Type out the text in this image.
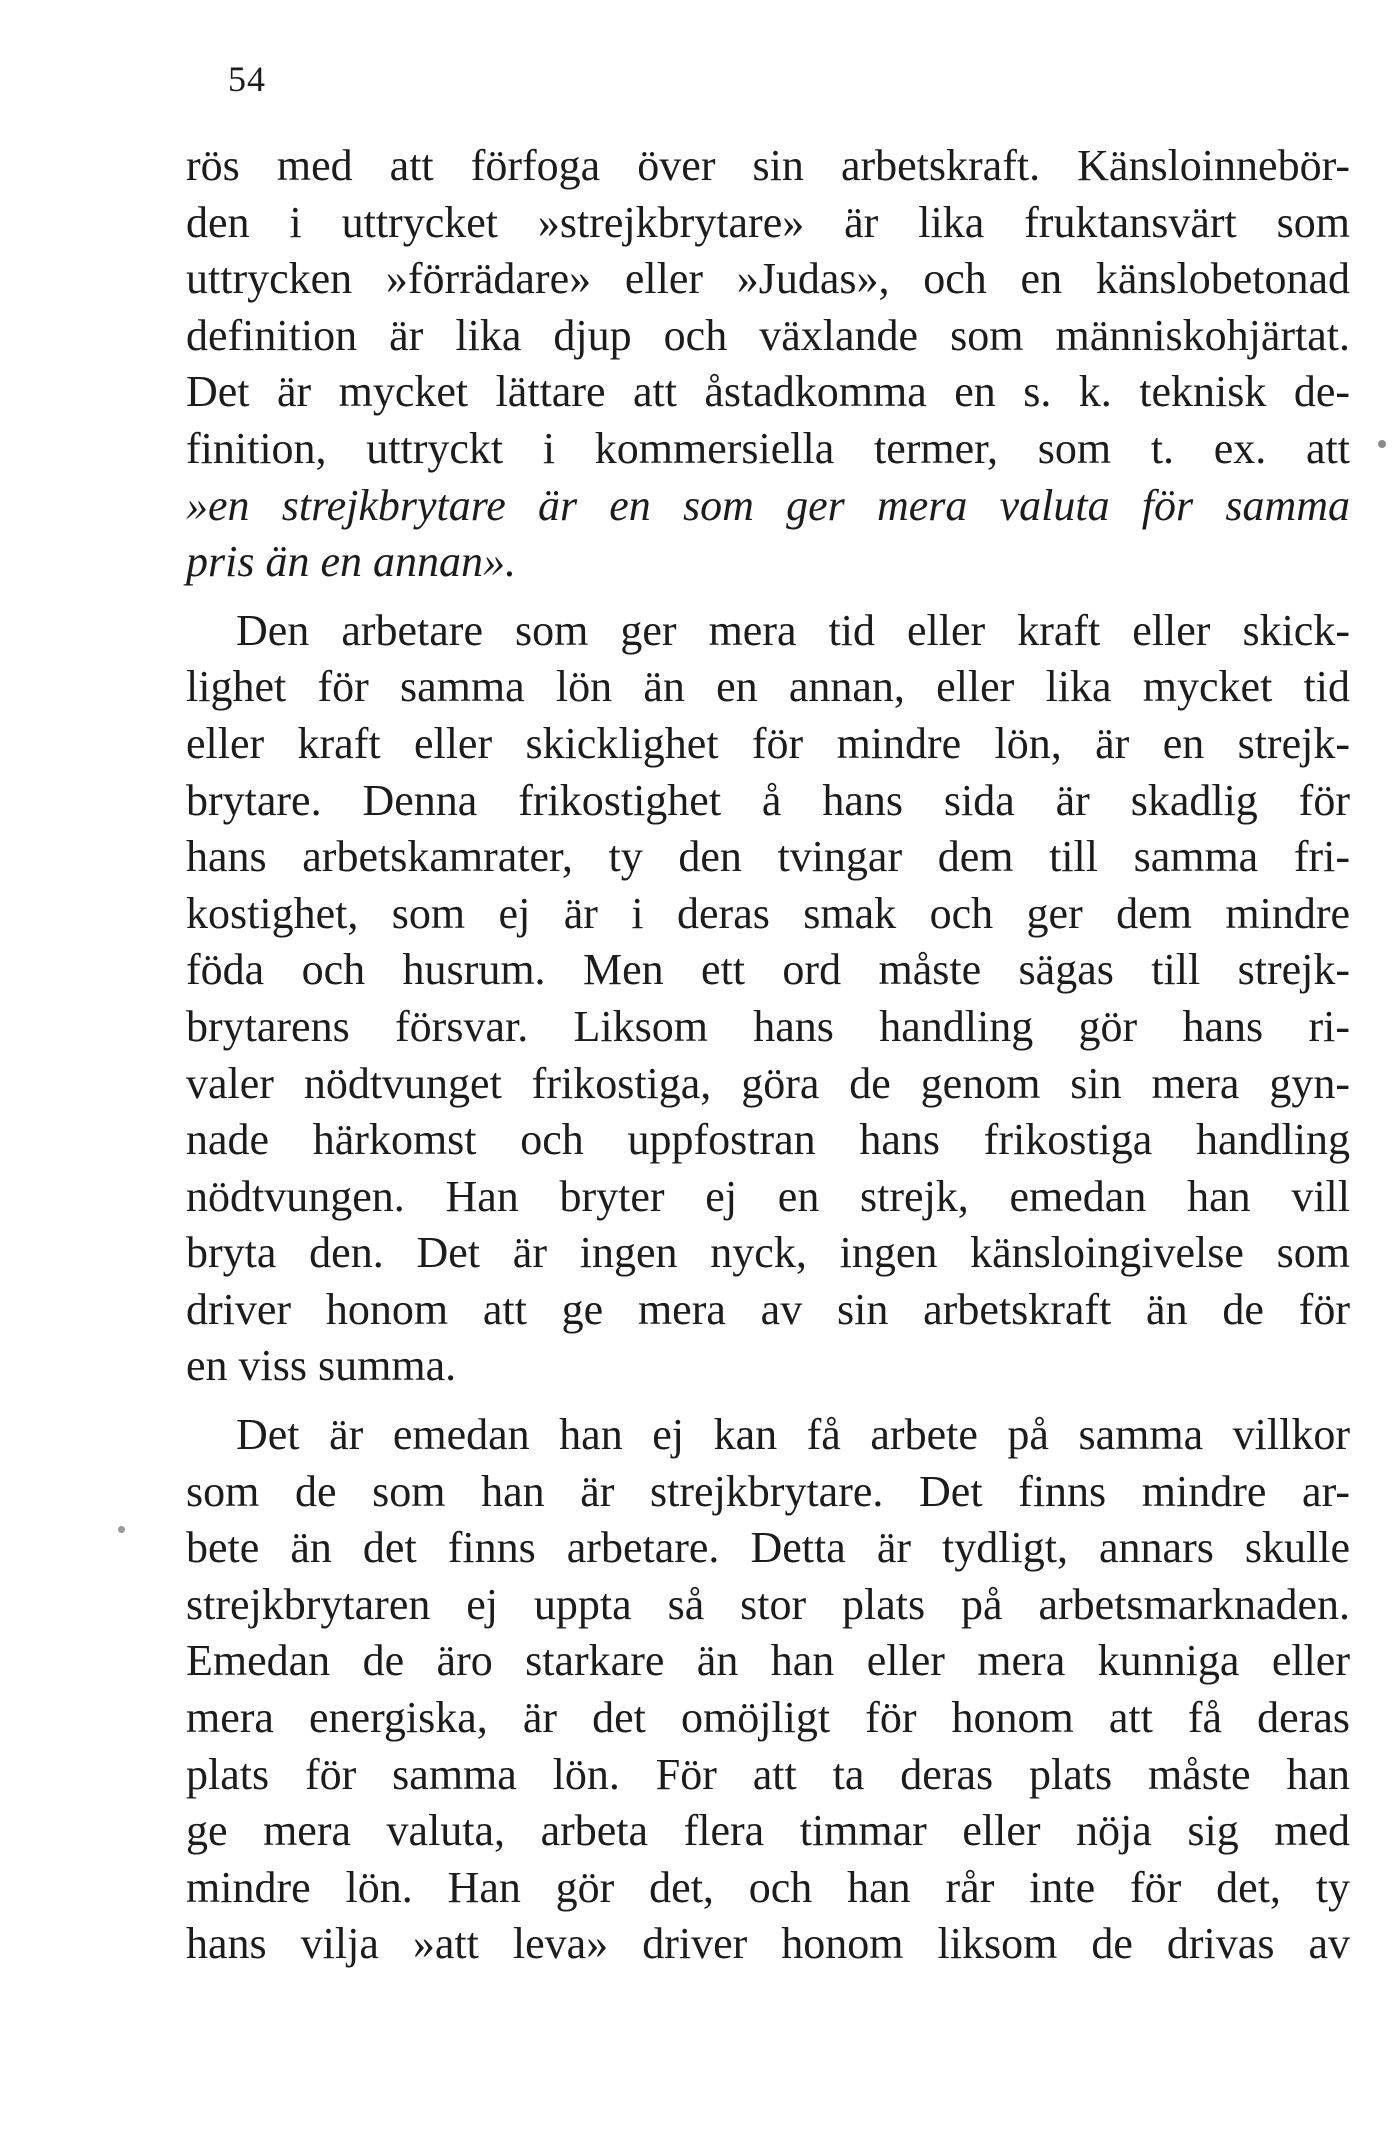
54
rös med att förfoga över sin arbetskraft. Känsloinnebör-
den i uttrycket »strejkbrytare» är lika fruktansvärt som
uttrycken »förrädare» eller »Judas», och en känslobetonad
definition är lika djup och växlande som människohjärtat.
Det är mycket lättare att åstadkomma en s. k. teknisk de-
finition, uttryckt i kommersiella termer, som t. ex. att
»en strejkbrytare är en som ger mera valuta för samma
pris än en annan».
Den arbetare som ger mera tid eller kraft eller skick-
lighet för samma lön än en annan, eller lika mycket tid
eller kraft eller skicklighet för mindre lön, är en strejk-
brytare. Denna frikostighet å hans sida är skadlig för
hans arbetskamrater, ty den tvingar dem till samma fri-
kostighet, som ej är i deras smak och ger dem mindre
föda och husrum. Men ett ord måste sägas till strejk-
brytarens försvar. Liksom hans handling gör hans ri-
valer nödtvunget frikostiga, göra de genom sin mera gyn-
nade härkomst och uppfostran hans frikostiga handling
nödtvungen. Han bryter ej en strejk, emedan han vill
bryta den. Det är ingen nyck, ingen känsloingivelse som
driver honom att ge mera av sin arbetskraft än de för
en viss summa.
Det är emedan han ej kan få arbete på samma villkor
som de som han är strejkbrytare. Det finns mindre ar-
bete än det finns arbetare. Detta är tydligt, annars skulle
strejkbrytaren ej uppta så stor plats på arbetsmarknaden.
Emedan de äro starkare än han eller mera kunniga eller
mera energiska, är det omöjligt för honom att få deras
plats för samma lön. För att ta deras plats måste han
ge mera valuta, arbeta flera timmar eller nöja sig med
mindre lön. Han gör det, och han rår inte för det, ty
hans vilja »att leva» driver honom liksom de drivas av
